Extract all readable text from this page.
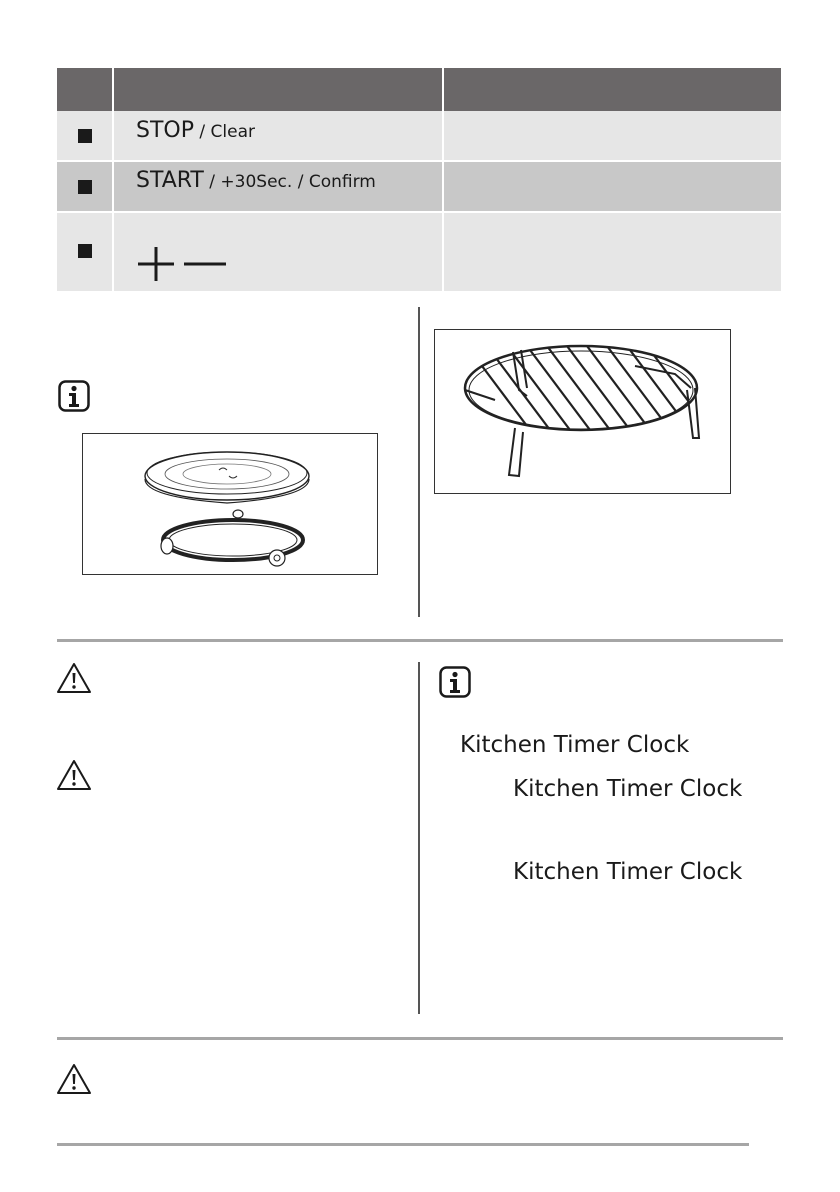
STOP / Clear
START / +30Sec. / Confirm
Kitchen Timer Clock
Kitchen Timer Clock
Kitchen Timer Clock
